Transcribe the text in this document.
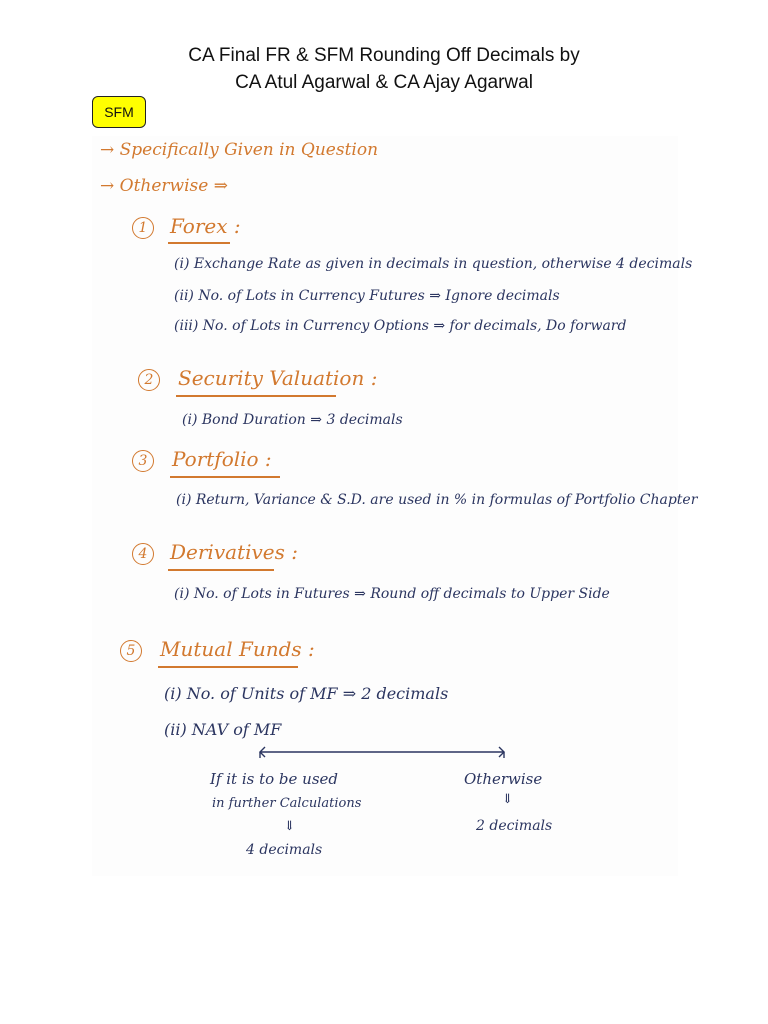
CA Final FR & SFM Rounding Off Decimals by
CA Atul Agarwal & CA Ajay Agarwal
SFM
→ Specifically Given in Question
→ Otherwise ⇒
1	Forex :
(i) Exchange Rate as given in decimals in question, otherwise 4 decimals
(ii) No. of Lots in Currency Futures ⇒ Ignore decimals
(iii) No. of Lots in Currency Options ⇒ for decimals, Do forward
2	Security Valuation :
(i) Bond Duration ⇒ 3 decimals
3	Portfolio :
(i) Return, Variance & S.D. are used in % in formulas of Portfolio Chapter
4	Derivatives :
(i) No. of Lots in Futures ⇒ Round off decimals to Upper Side
5	Mutual Funds :
(i) No. of Units of MF ⇒ 2 decimals
(ii) NAV of MF
If it is to be used
in further Calculations
⇓
4 decimals
Otherwise
⇓
2 decimals
